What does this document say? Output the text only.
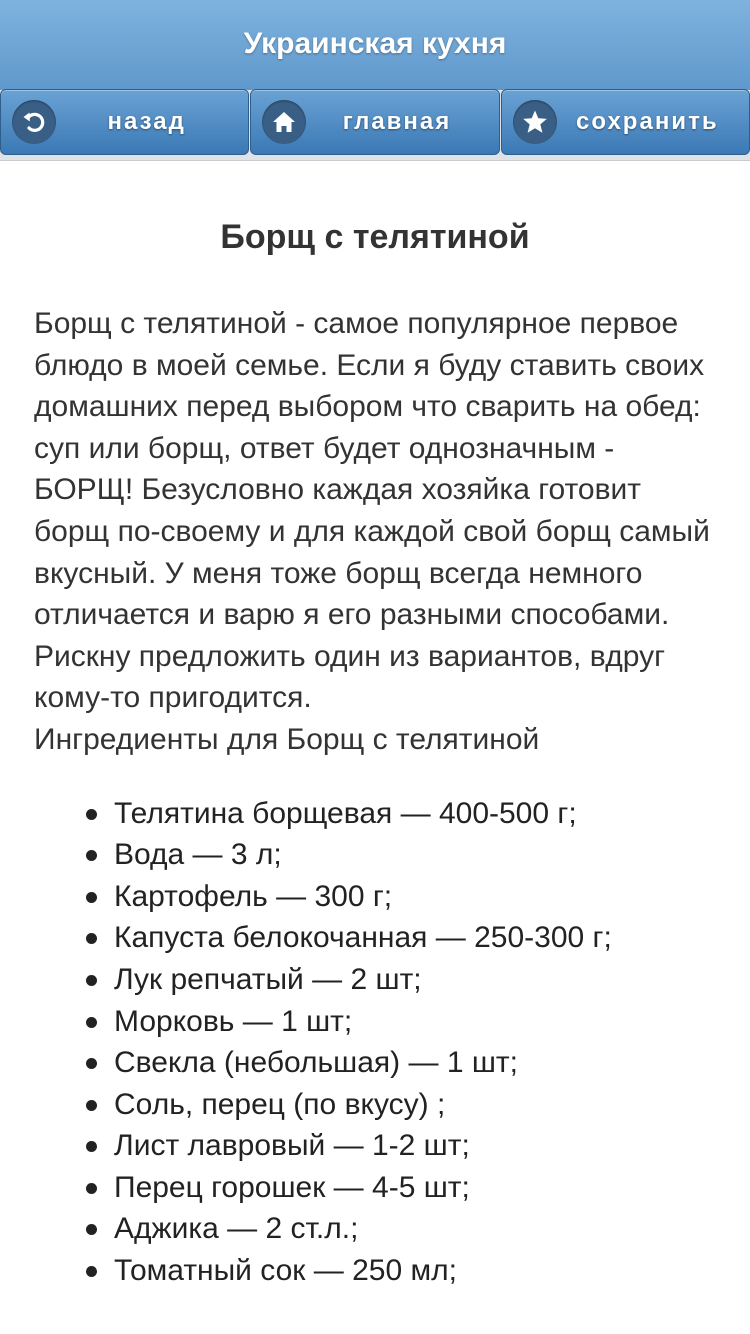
Украинская кухня
назад	главная	сохранить
Борщ с телятиной

Борщ с телятиной - самое популярное первое блюдо в моей семье. Если я буду ставить своих домашних перед выбором что сварить на обед: суп или борщ, ответ будет однозначным - БОРЩ! Безусловно каждая хозяйка готовит борщ по-своему и для каждой свой борщ самый вкусный. У меня тоже борщ всегда немного отличается и варю я его разными способами. Рискну предложить один из вариантов, вдруг кому-то пригодится.

Ингредиенты для Борщ с телятиной

Телятина борщевая — 400-500 г;
Вода — 3 л;
Картофель — 300 г;
Капуста белокочанная — 250-300 г;
Лук репчатый — 2 шт;
Морковь — 1 шт;
Свекла (небольшая) — 1 шт;
Соль, перец (по вкусу) ;
Лист лавровый — 1-2 шт;
Перец горошек — 4-5 шт;
Аджика — 2 ст.л.;
Томатный сок — 250 мл;
